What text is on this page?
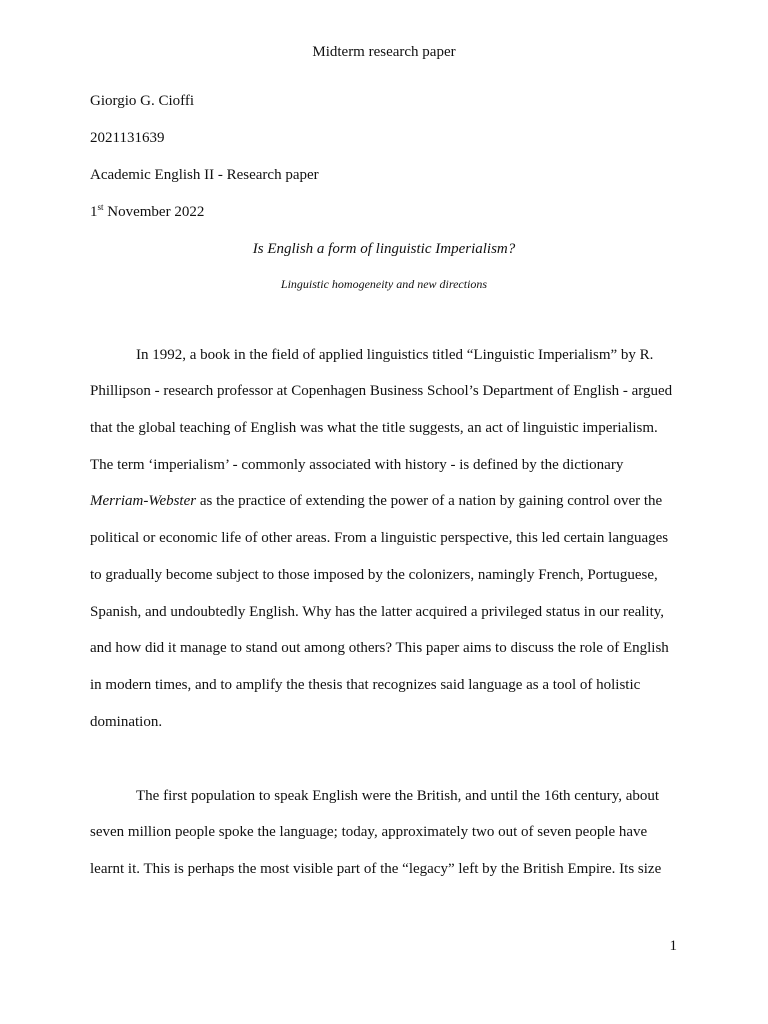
Midterm research paper
Giorgio G. Cioffi
2021131639
Academic English II - Research paper
1st November 2022
Is English a form of linguistic Imperialism?
Linguistic homogeneity and new directions
In 1992, a book in the field of applied linguistics titled “Linguistic Imperialism” by R.
Phillipson - research professor at Copenhagen Business School’s Department of English - argued
that the global teaching of English was what the title suggests, an act of linguistic imperialism.
The term ‘imperialism’ - commonly associated with history - is defined by the dictionary
Merriam-Webster as the practice of extending the power of a nation by gaining control over the
political or economic life of other areas. From a linguistic perspective, this led certain languages
to gradually become subject to those imposed by the colonizers, namingly French, Portuguese,
Spanish, and undoubtedly English. Why has the latter acquired a privileged status in our reality,
and how did it manage to stand out among others? This paper aims to discuss the role of English
in modern times, and to amplify the thesis that recognizes said language as a tool of holistic
domination.
The first population to speak English were the British, and until the 16th century, about
seven million people spoke the language; today, approximately two out of seven people have
learnt it. This is perhaps the most visible part of the “legacy” left by the British Empire. Its size
1
